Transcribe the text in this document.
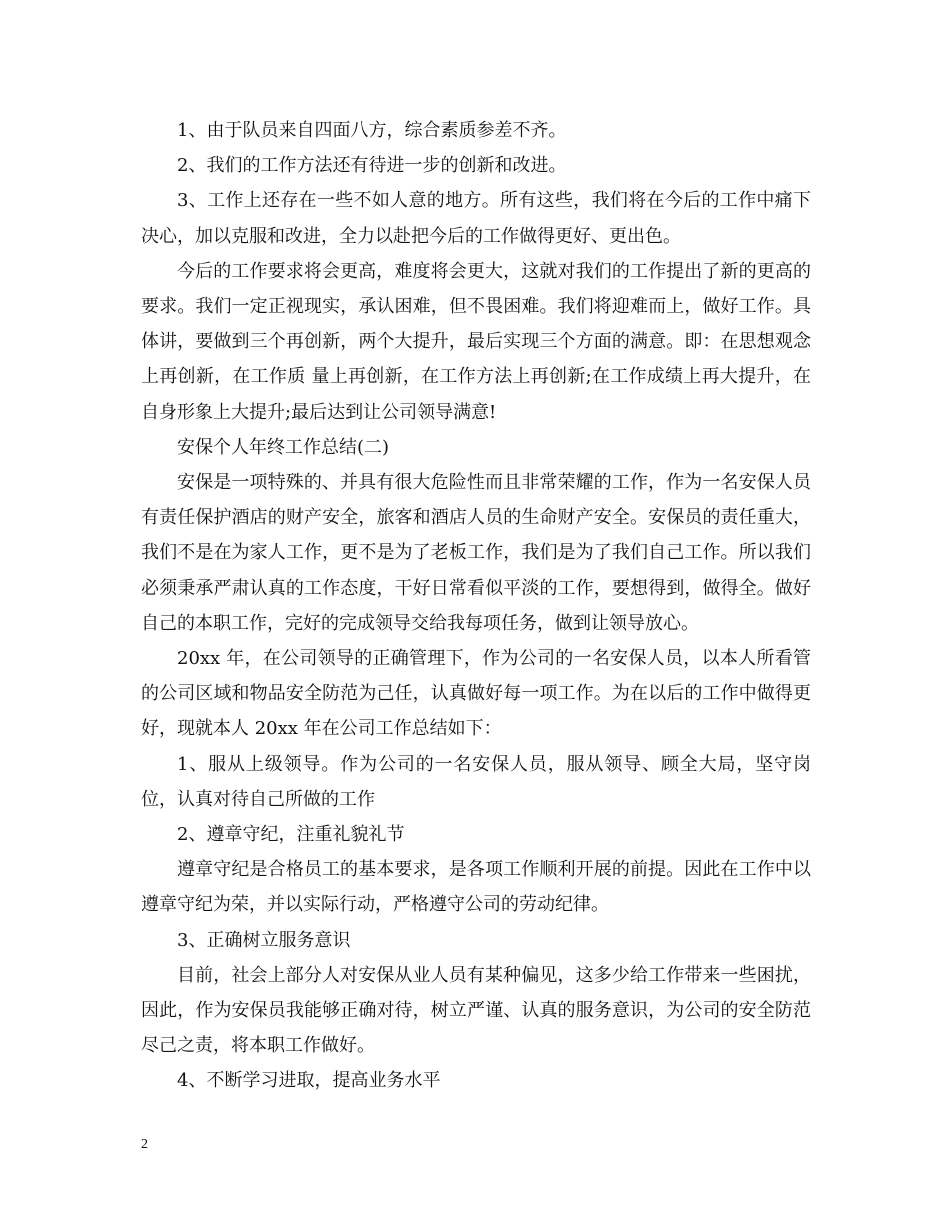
1、由于队员来自四面八方，综合素质参差不齐。

2、我们的工作方法还有待进一步的创新和改进。

3、工作上还存在一些不如人意的地方。所有这些，我们将在今后的工作中痛下决心，加以克服和改进，全力以赴把今后的工作做得更好、更出色。

今后的工作要求将会更高，难度将会更大，这就对我们的工作提出了新的更高的要求。我们一定正视现实，承认困难，但不畏困难。我们将迎难而上，做好工作。具体讲，要做到三个再创新，两个大提升，最后实现三个方面的满意。即：在思想观念上再创新，在工作质 量上再创新，在工作方法上再创新;在工作成绩上再大提升，在自身形象上大提升;最后达到让公司领导满意!

安保个人年终工作总结(二)

安保是一项特殊的、并具有很大危险性而且非常荣耀的工作，作为一名安保人员有责任保护酒店的财产安全，旅客和酒店人员的生命财产安全。安保员的责任重大，我们不是在为家人工作，更不是为了老板工作，我们是为了我们自己工作。所以我们必须秉承严肃认真的工作态度，干好日常看似平淡的工作，要想得到，做得全。做好自己的本职工作，完好的完成领导交给我每项任务，做到让领导放心。

20xx 年，在公司领导的正确管理下，作为公司的一名安保人员，以本人所看管的公司区域和物品安全防范为己任，认真做好每一项工作。为在以后的工作中做得更好，现就本人 20xx 年在公司工作总结如下：

1、服从上级领导。作为公司的一名安保人员，服从领导、顾全大局，坚守岗位，认真对待自己所做的工作

2、遵章守纪，注重礼貌礼节

遵章守纪是合格员工的基本要求，是各项工作顺利开展的前提。因此在工作中以遵章守纪为荣，并以实际行动，严格遵守公司的劳动纪律。

3、正确树立服务意识

目前，社会上部分人对安保从业人员有某种偏见，这多少给工作带来一些困扰，因此，作为安保员我能够正确对待，树立严谨、认真的服务意识，为公司的安全防范尽己之责，将本职工作做好。

4、不断学习进取，提高业务水平

2
